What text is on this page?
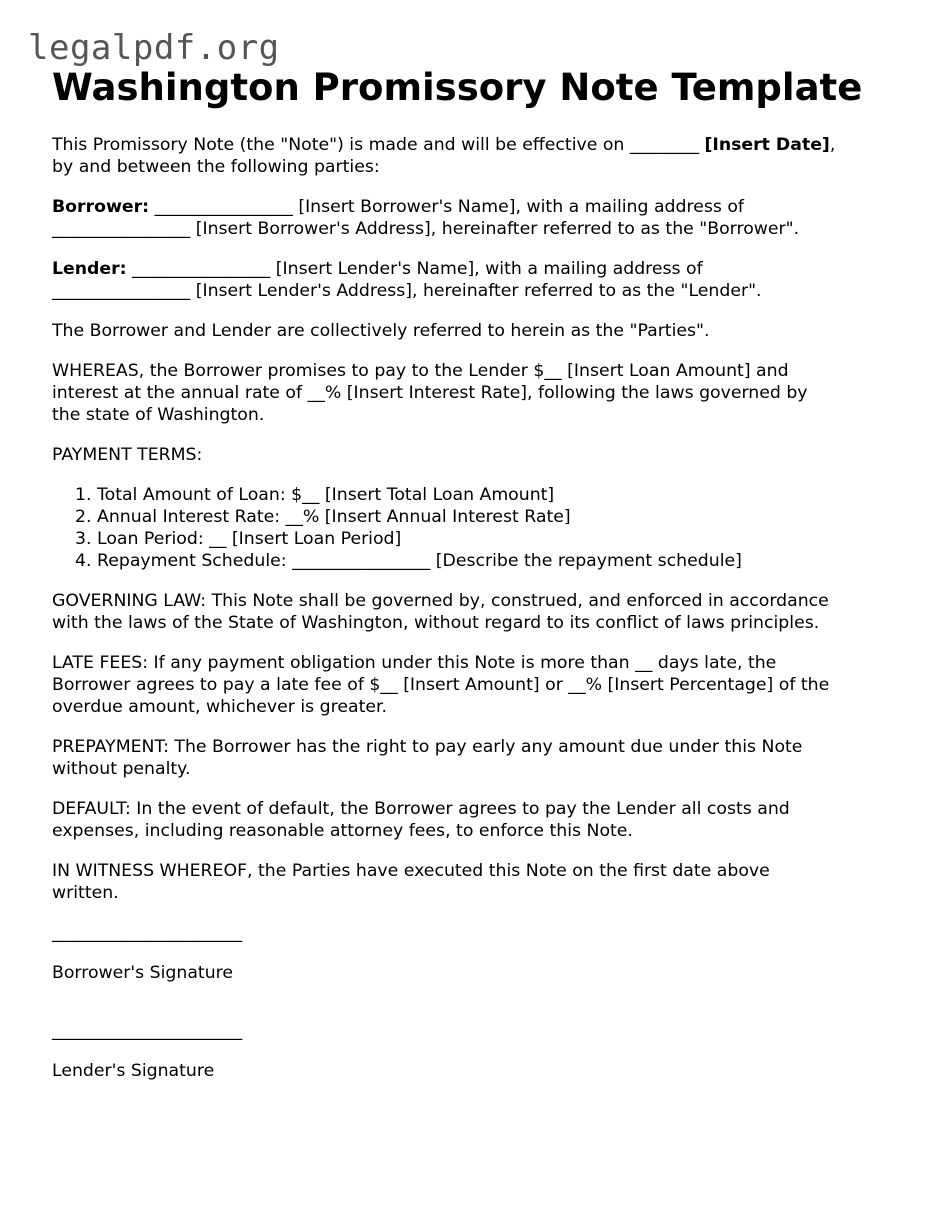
legalpdf.org
Washington Promissory Note Template
This Promissory Note (the "Note") is made and will be effective on ________ [Insert Date],
by and between the following parties:
Borrower: ________________ [Insert Borrower's Name], with a mailing address of
________________ [Insert Borrower's Address], hereinafter referred to as the "Borrower".
Lender: ________________ [Insert Lender's Name], with a mailing address of
________________ [Insert Lender's Address], hereinafter referred to as the "Lender".
The Borrower and Lender are collectively referred to herein as the "Parties".
WHEREAS, the Borrower promises to pay to the Lender $__ [Insert Loan Amount] and
interest at the annual rate of __% [Insert Interest Rate], following the laws governed by
the state of Washington.
PAYMENT TERMS:
1. Total Amount of Loan: $__ [Insert Total Loan Amount]
2. Annual Interest Rate: __% [Insert Annual Interest Rate]
3. Loan Period: __ [Insert Loan Period]
4. Repayment Schedule: ________________ [Describe the repayment schedule]
GOVERNING LAW: This Note shall be governed by, construed, and enforced in accordance
with the laws of the State of Washington, without regard to its conflict of laws principles.
LATE FEES: If any payment obligation under this Note is more than __ days late, the
Borrower agrees to pay a late fee of $__ [Insert Amount] or __% [Insert Percentage] of the
overdue amount, whichever is greater.
PREPAYMENT: The Borrower has the right to pay early any amount due under this Note
without penalty.
DEFAULT: In the event of default, the Borrower agrees to pay the Lender all costs and
expenses, including reasonable attorney fees, to enforce this Note.
IN WITNESS WHEREOF, the Parties have executed this Note on the first date above
written.
______________________
Borrower's Signature
______________________
Lender's Signature
